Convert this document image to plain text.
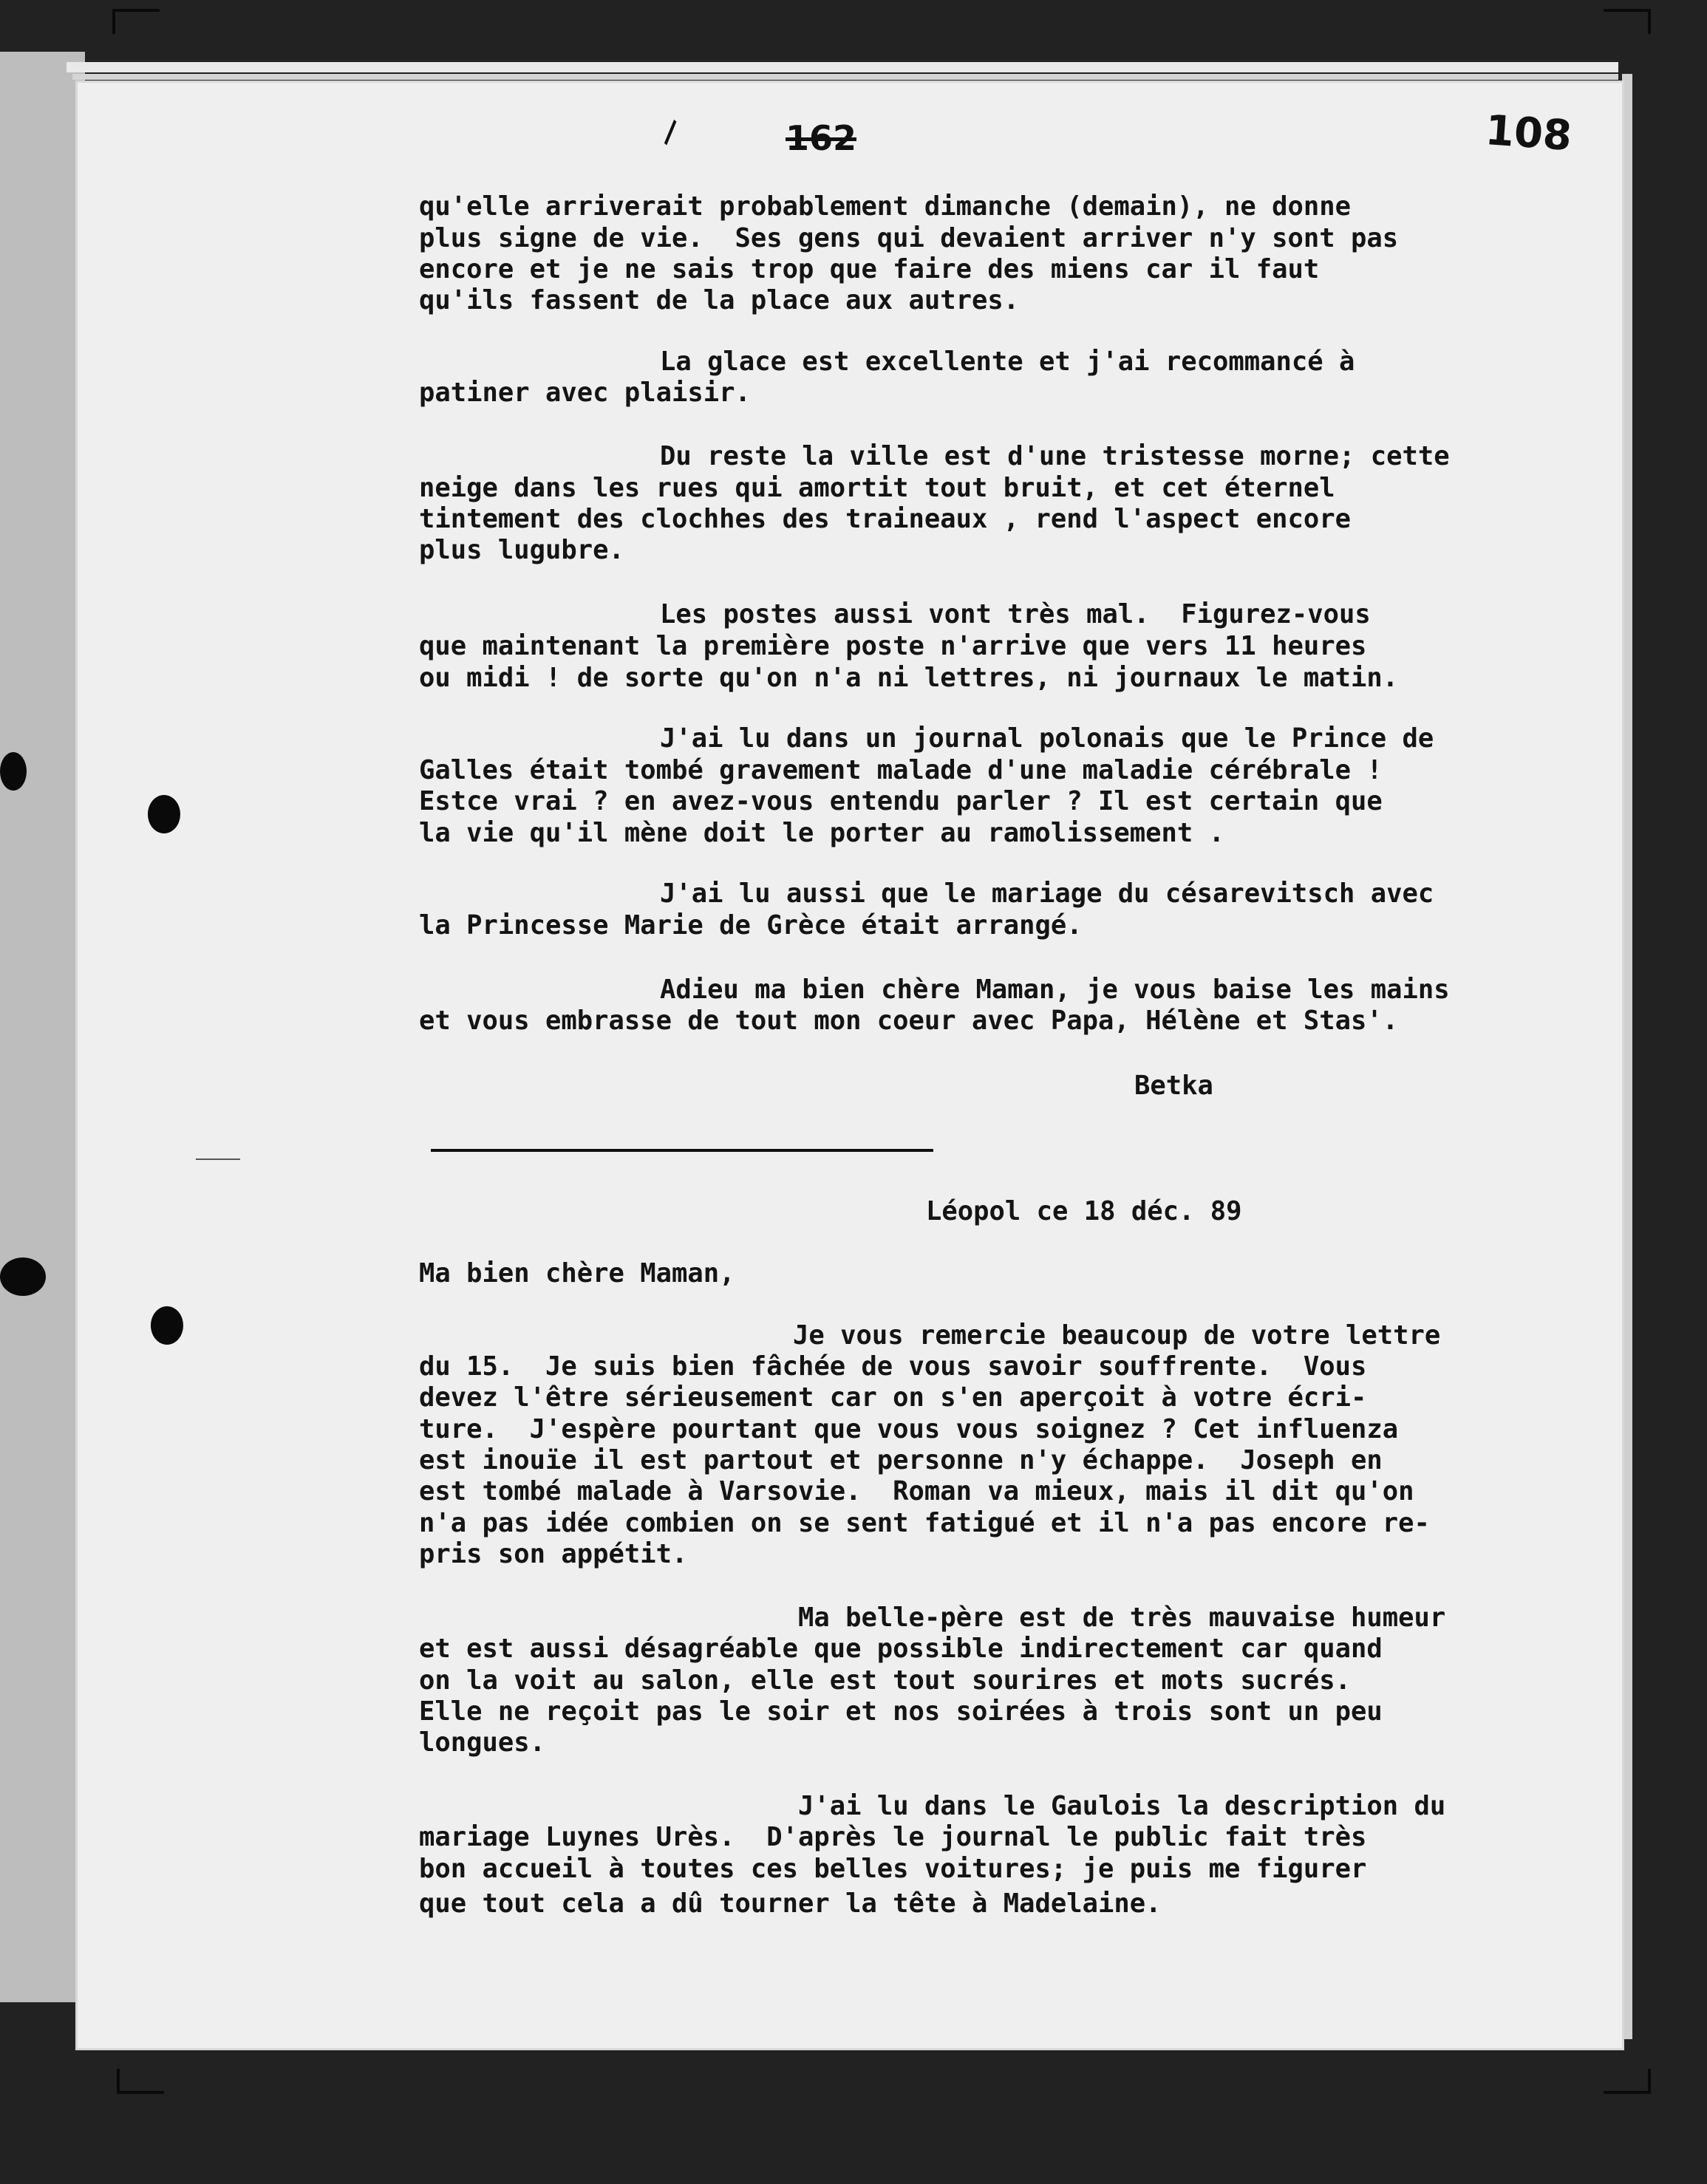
\	162	108
qu'elle arriverait probablement dimanche (demain), ne donne
plus signe de vie.  Ses gens qui devaient arriver n'y sont pas
encore et je ne sais trop que faire des miens car il faut
qu'ils fassent de la place aux autres.
La glace est excellente et j'ai recommancé à
patiner avec plaisir.
Du reste la ville est d'une tristesse morne; cette
neige dans les rues qui amortit tout bruit, et cet éternel
tintement des clochhes des traineaux , rend l'aspect encore
plus lugubre.
Les postes aussi vont très mal.  Figurez-vous
que maintenant la première poste n'arrive que vers 11 heures
ou midi ! de sorte qu'on n'a ni lettres, ni journaux le matin.
J'ai lu dans un journal polonais que le Prince de
Galles était tombé gravement malade d'une maladie cérébrale !
Estce vrai ? en avez-vous entendu parler ? Il est certain que
la vie qu'il mène doit le porter au ramolissement .
J'ai lu aussi que le mariage du césarevitsch avec
la Princesse Marie de Grèce était arrangé.
Adieu ma bien chère Maman, je vous baise les mains
et vous embrasse de tout mon coeur avec Papa, Hélène et Stas'.
Betka
Léopol ce 18 déc. 89
Ma bien chère Maman,
Je vous remercie beaucoup de votre lettre
du 15.  Je suis bien fâchée de vous savoir souffrente.  Vous
devez l'être sérieusement car on s'en aperçoit à votre écri-
ture.  J'espère pourtant que vous vous soignez ? Cet influenza
est inouïe il est partout et personne n'y échappe.  Joseph en
est tombé malade à Varsovie.  Roman va mieux, mais il dit qu'on
n'a pas idée combien on se sent fatigué et il n'a pas encore re-
pris son appétit.
Ma belle-père est de très mauvaise humeur
et est aussi désagréable que possible indirectement car quand
on la voit au salon, elle est tout sourires et mots sucrés.
Elle ne reçoit pas le soir et nos soirées à trois sont un peu
longues.
J'ai lu dans le Gaulois la description du
mariage Luynes Urès.  D'après le journal le public fait très
bon accueil à toutes ces belles voitures; je puis me figurer
que tout cela a dû tourner la tête à Madelaine.
